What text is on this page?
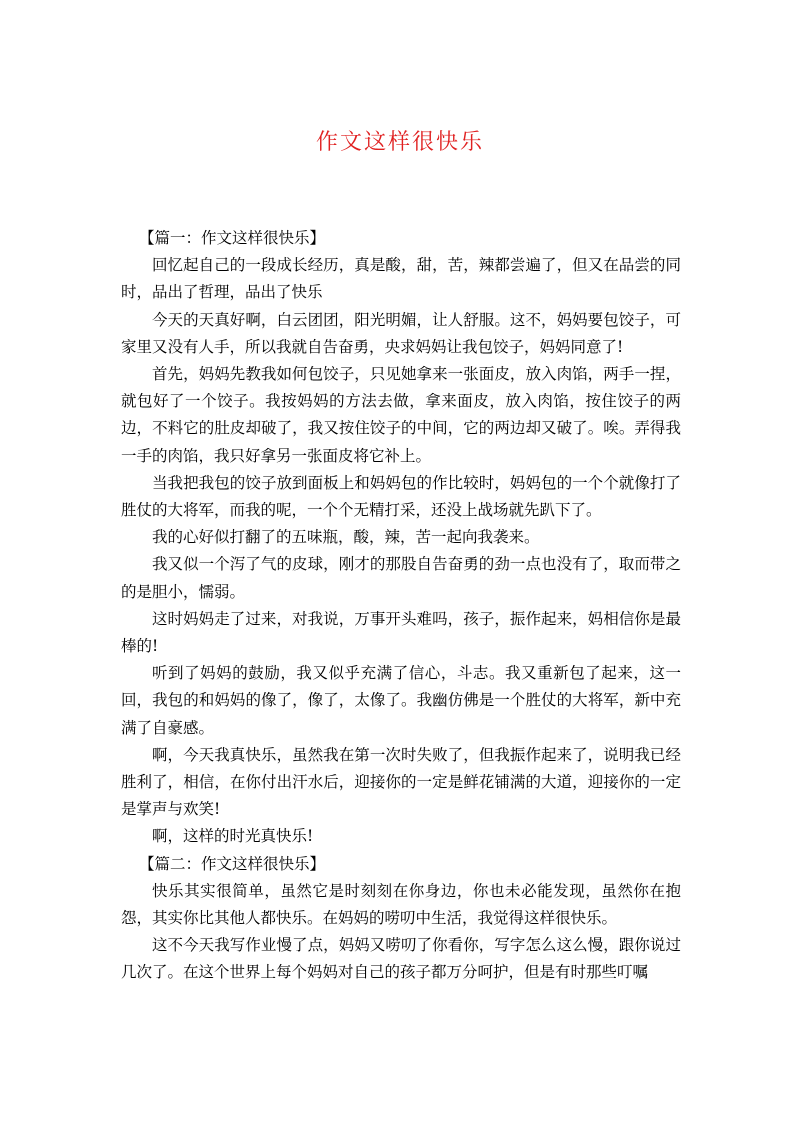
作文这样很快乐

【篇一：作文这样很快乐】

回忆起自己的一段成长经历，真是酸，甜，苦，辣都尝遍了，但又在品尝的同时，品出了哲理，品出了快乐

今天的天真好啊，白云团团，阳光明媚，让人舒服。这不，妈妈要包饺子，可家里又没有人手，所以我就自告奋勇，央求妈妈让我包饺子，妈妈同意了!

首先，妈妈先教我如何包饺子，只见她拿来一张面皮，放入肉馅，两手一捏，就包好了一个饺子。我按妈妈的方法去做，拿来面皮，放入肉馅，按住饺子的两边，不料它的肚皮却破了，我又按住饺子的中间，它的两边却又破了。唉。弄得我一手的肉馅，我只好拿另一张面皮将它补上。

当我把我包的饺子放到面板上和妈妈包的作比较时，妈妈包的一个个就像打了胜仗的大将军，而我的呢，一个个无精打采，还没上战场就先趴下了。

我的心好似打翻了的五味瓶，酸，辣，苦一起向我袭来。

我又似一个泻了气的皮球，刚才的那股自告奋勇的劲一点也没有了，取而带之的是胆小，懦弱。

这时妈妈走了过来，对我说，万事开头难吗，孩子，振作起来，妈相信你是最棒的!

听到了妈妈的鼓励，我又似乎充满了信心，斗志。我又重新包了起来，这一回，我包的和妈妈的像了，像了，太像了。我幽仿佛是一个胜仗的大将军，新中充满了自豪感。

啊，今天我真快乐，虽然我在第一次时失败了，但我振作起来了，说明我已经胜利了，相信，在你付出汗水后，迎接你的一定是鲜花铺满的大道，迎接你的一定是掌声与欢笑!

啊，这样的时光真快乐!

【篇二：作文这样很快乐】

快乐其实很简单，虽然它是时刻刻在你身边，你也未必能发现，虽然你在抱怨，其实你比其他人都快乐。在妈妈的唠叨中生活，我觉得这样很快乐。

这不今天我写作业慢了点，妈妈又唠叨了你看你，写字怎么这么慢，跟你说过几次了。在这个世界上每个妈妈对自己的孩子都万分呵护，但是有时那些叮嘱
